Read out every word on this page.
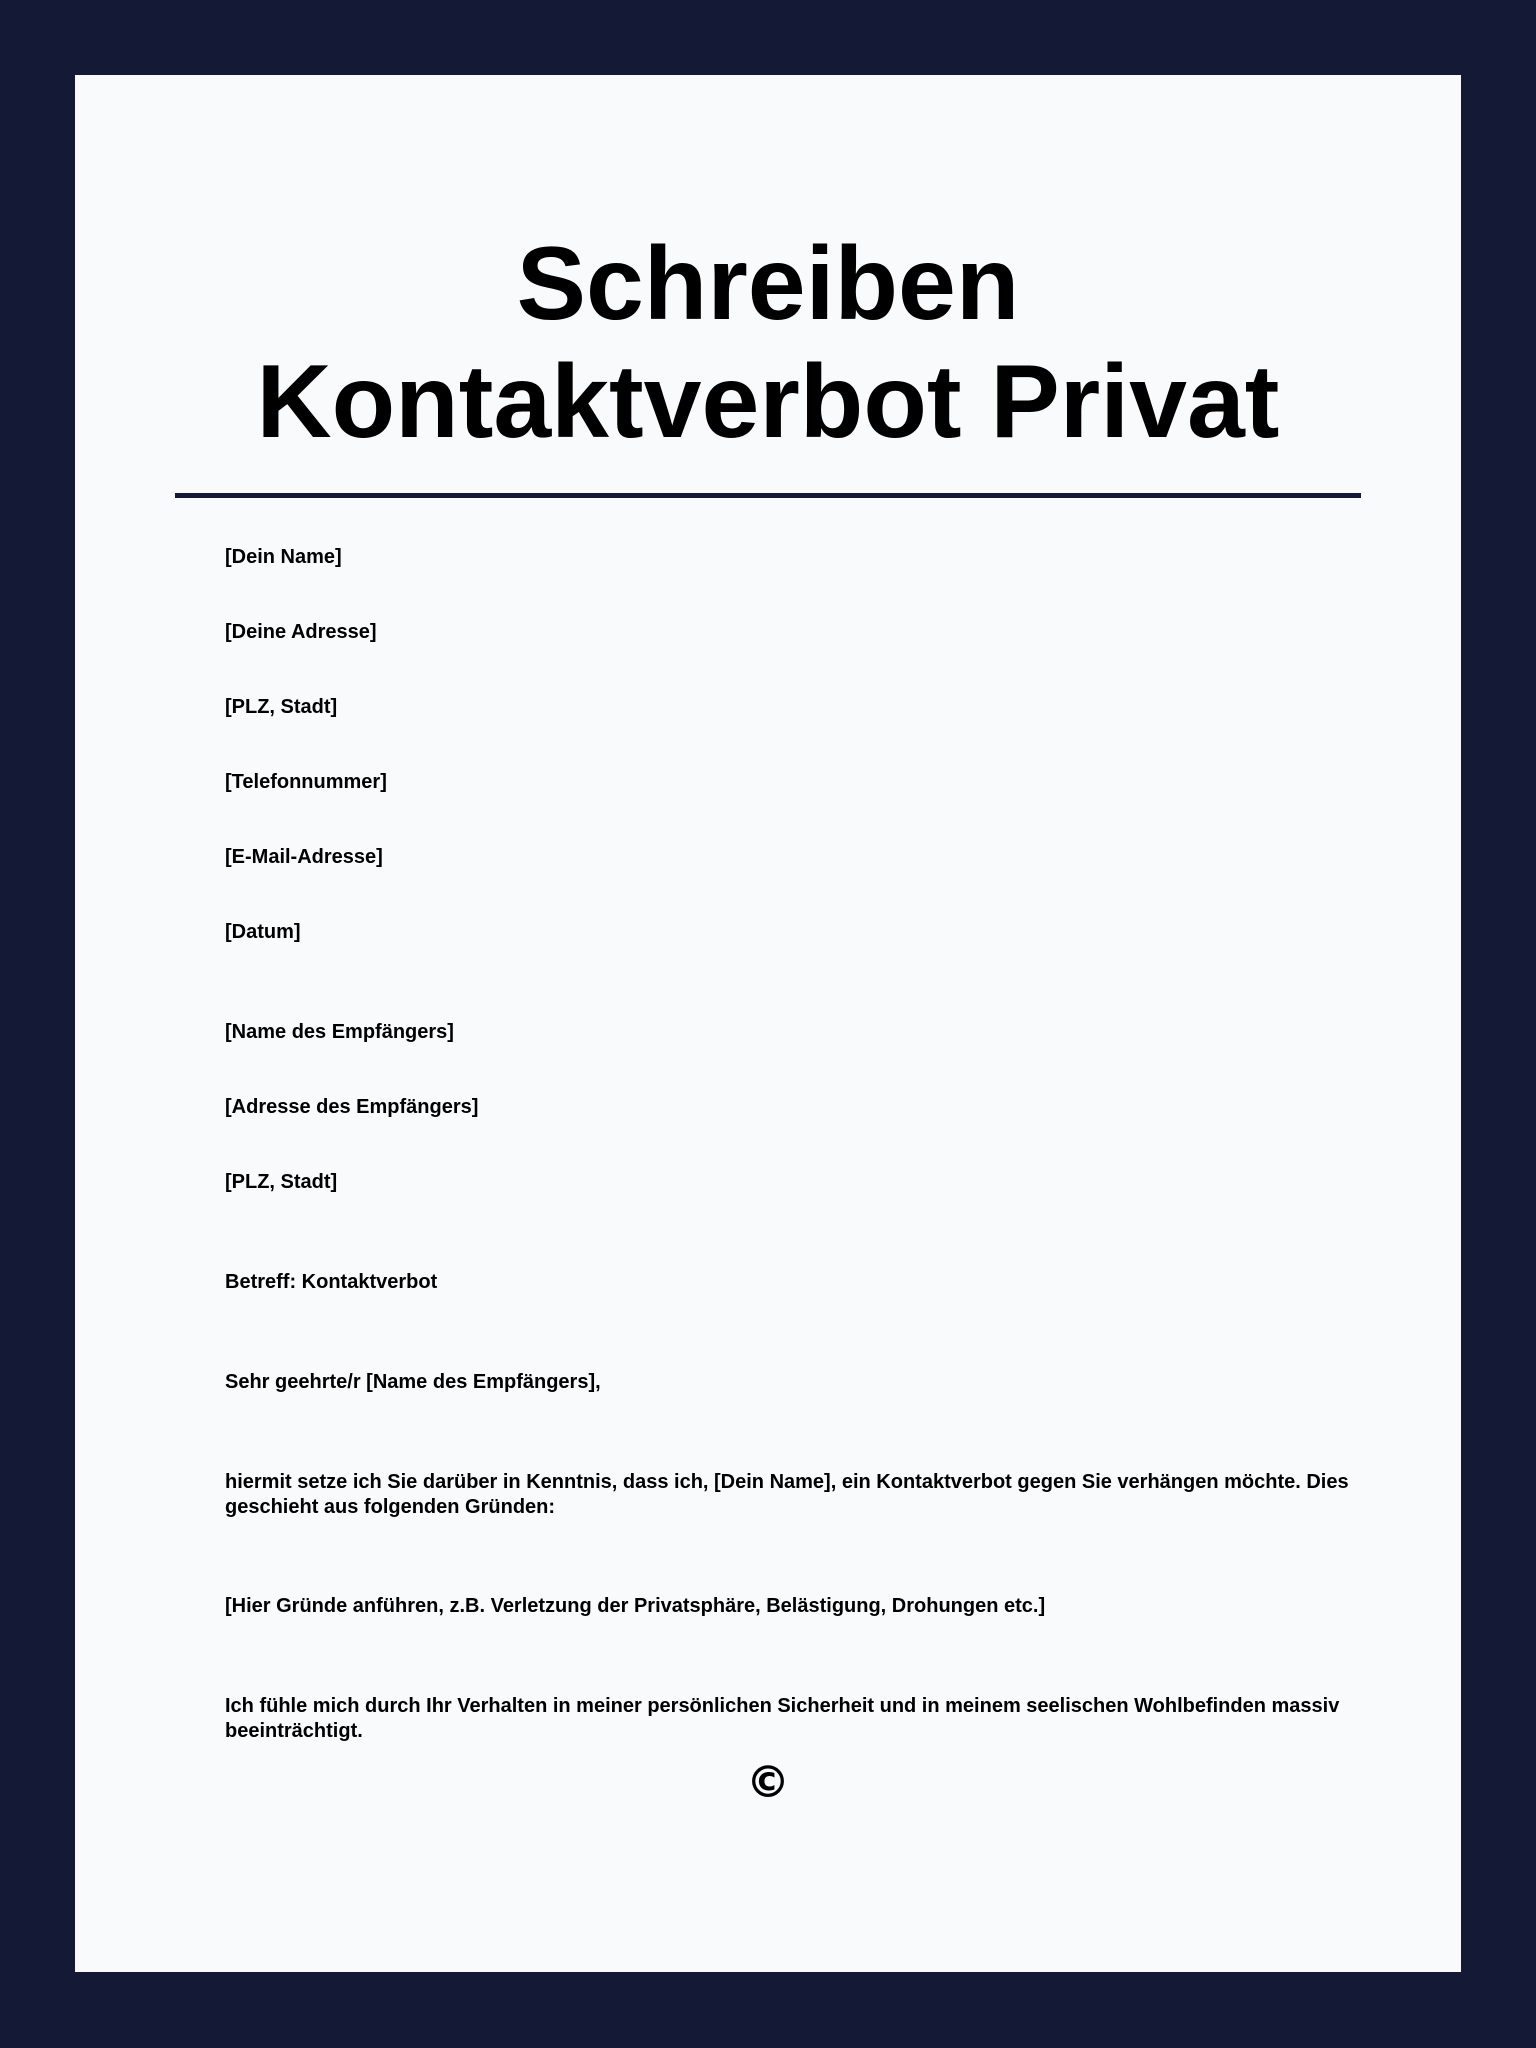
Schreiben
Kontaktverbot Privat

[Dein Name]

[Deine Adresse]

[PLZ, Stadt]

[Telefonnummer]

[E-Mail-Adresse]

[Datum]

[Name des Empfängers]

[Adresse des Empfängers]

[PLZ, Stadt]

Betreff: Kontaktverbot

Sehr geehrte/r [Name des Empfängers],

hiermit setze ich Sie darüber in Kenntnis, dass ich, [Dein Name], ein Kontaktverbot gegen Sie verhängen möchte. Dies geschieht aus folgenden Gründen:

[Hier Gründe anführen, z.B. Verletzung der Privatsphäre, Belästigung, Drohungen etc.]

Ich fühle mich durch Ihr Verhalten in meiner persönlichen Sicherheit und in meinem seelischen Wohlbefinden massiv beeinträchtigt.

©
